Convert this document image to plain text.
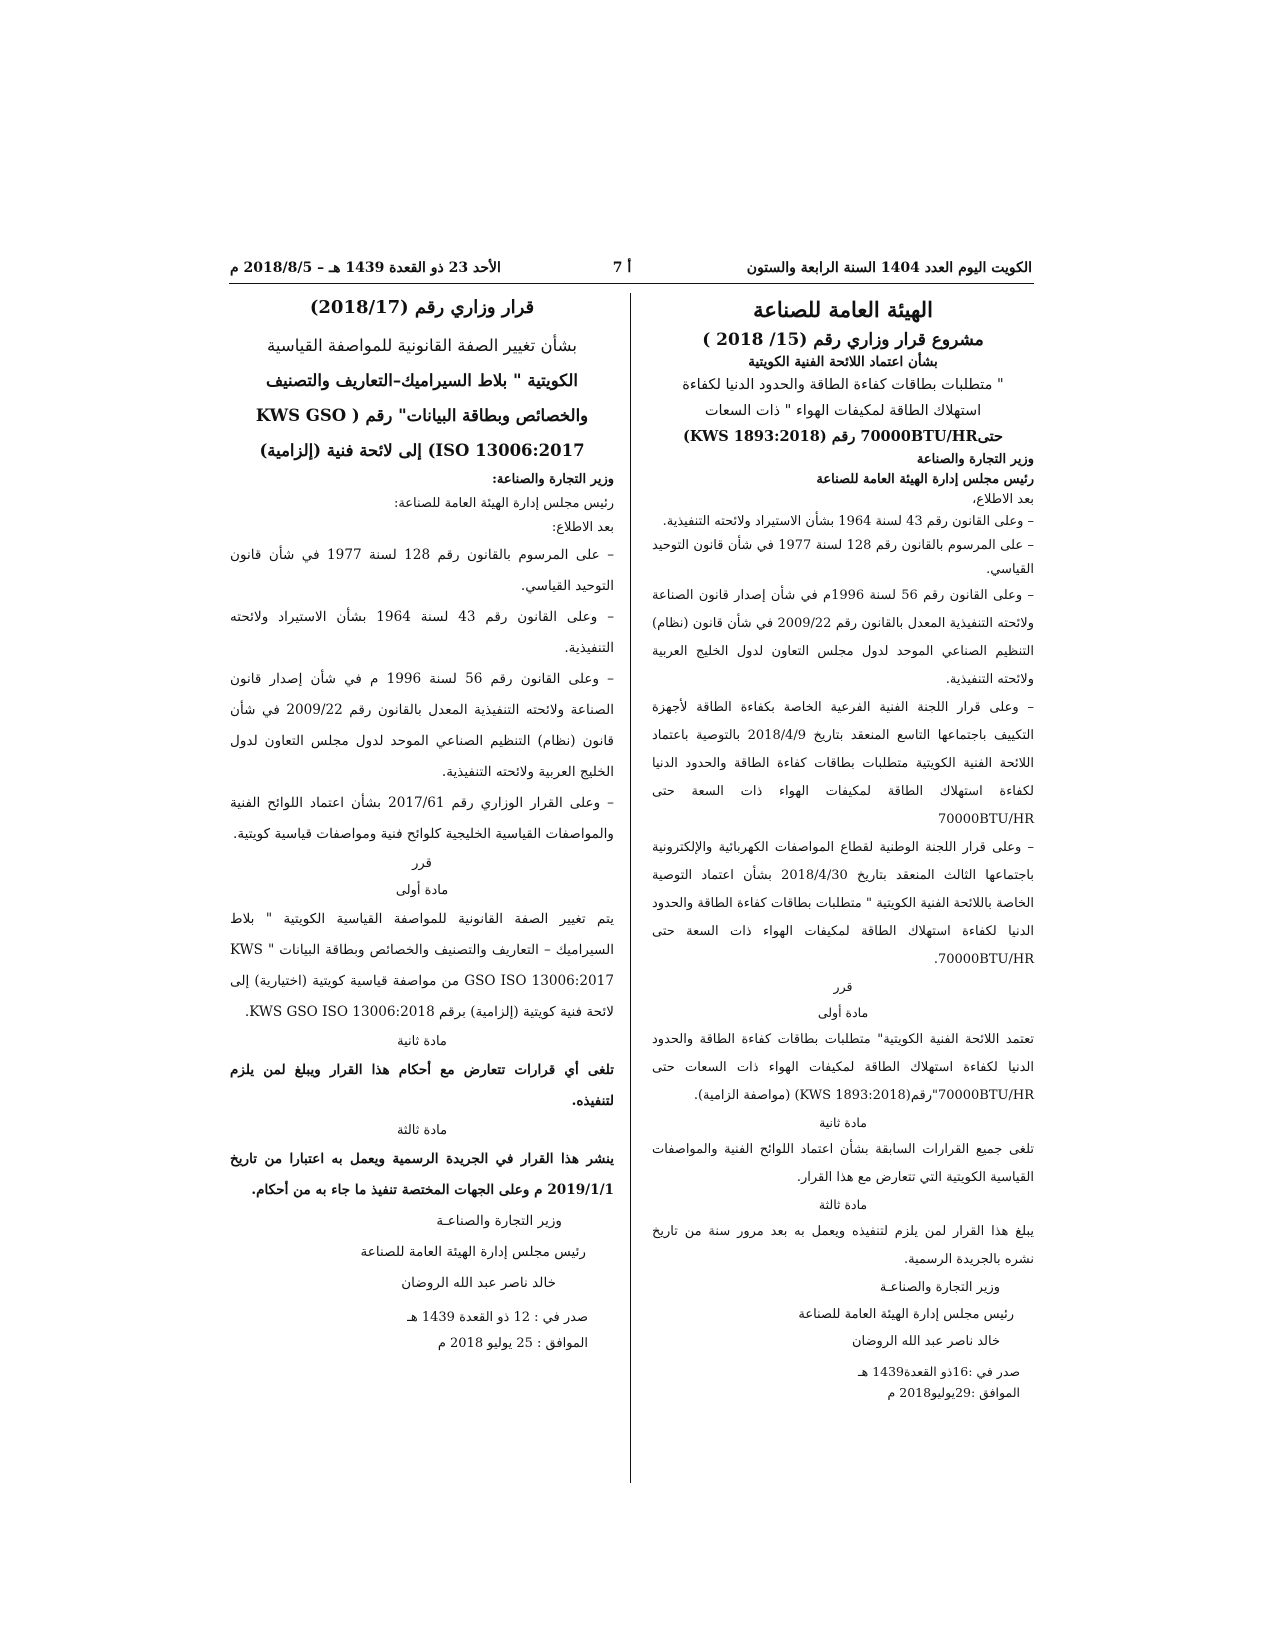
الكويت اليوم العدد 1404 السنة الرابعة والستون
7 أ
الأحد 23 ذو القعدة 1439 هـ – 2018/8/5 م

الهيئة العامة للصناعة

مشروع قرار وزاري رقم (15/ 2018 )

بشأن اعتماد اللائحة الفنية الكويتية

" متطلبات بطاقات كفاءة الطاقة والحدود الدنيا لكفاءة

استهلاك الطاقة لمكيفات الهواء " ذات السعات

حتى70000BTU/HR رقم (KWS 1893:2018)

وزير التجارة والصناعة

رئيس مجلس إدارة الهيئة العامة للصناعة

بعد الاطلاع،

– وعلى القانون رقم 43 لسنة 1964 بشأن الاستيراد ولائحته التنفيذية.

– على المرسوم بالقانون رقم 128 لسنة 1977 في شأن قانون التوحيد القياسي.

– وعلى القانون رقم 56 لسنة 1996م في شأن إصدار قانون الصناعة ولائحته التنفيذية المعدل بالقانون رقم 2009/22 في شأن قانون (نظام) التنظيم الصناعي الموحد لدول مجلس التعاون لدول الخليج العربية ولائحته التنفيذية.

– وعلى قرار اللجنة الفنية الفرعية الخاصة بكفاءة الطاقة لأجهزة التكييف باجتماعها التاسع المنعقد بتاريخ 2018/4/9 بالتوصية باعتماد اللائحة الفنية الكويتية متطلبات بطاقات كفاءة الطاقة والحدود الدنيا لكفاءة استهلاك الطاقة لمكيفات الهواء ذات السعة حتى 70000BTU/HR

– وعلى قرار اللجنة الوطنية لقطاع المواصفات الكهربائية والإلكترونية باجتماعها الثالث المنعقد بتاريخ 2018/4/30 بشأن اعتماد التوصية الخاصة باللائحة الفنية الكويتية " متطلبات بطاقات كفاءة الطاقة والحدود الدنيا لكفاءة استهلاك الطاقة لمكيفات الهواء ذات السعة حتى 70000BTU/HR.

قرر

مادة أولى

تعتمد اللائحة الفنية الكويتية" متطلبات بطاقات كفاءة الطاقة والحدود الدنيا لكفاءة استهلاك الطاقة لمكيفات الهواء ذات السعات حتى 70000BTU/HR"رقم(KWS 1893:2018) (مواصفة الزامية).

مادة ثانية

تلغى جميع القرارات السابقة بشأن اعتماد اللوائح الفنية والمواصفات القياسية الكويتية التي تتعارض مع هذا القرار.

مادة ثالثة

يبلغ هذا القرار لمن يلزم لتنفيذه ويعمل به بعد مرور سنة من تاريخ نشره بالجريدة الرسمية.

وزير التجارة والصناعـة

رئيس مجلس إدارة الهيئة العامة للصناعة

خالد ناصر عبد الله الروضان

صدر في :16ذو القعدة1439 هـ

الموافق :29يوليو2018 م

قرار وزاري رقم (2018/17)

بشأن تغيير الصفة القانونية للمواصفة القياسية

الكويتية " بلاط السيراميك–التعاريف والتصنيف

والخصائص وبطاقة البيانات" رقم ( KWS GSO

ISO 13006:2017) إلى لائحة فنية (إلزامية)

وزير التجارة والصناعة:

رئيس مجلس إدارة الهيئة العامة للصناعة:

بعد الاطلاع:

– على المرسوم بالقانون رقم 128 لسنة 1977 في شأن قانون التوحيد القياسي.

– وعلى القانون رقم 43 لسنة 1964 بشأن الاستيراد ولائحته التنفيذية.

– وعلى القانون رقم 56 لسنة 1996 م في شأن إصدار قانون الصناعة ولائحته التنفيذية المعدل بالقانون رقم 2009/22 في شأن قانون (نظام) التنظيم الصناعي الموحد لدول مجلس التعاون لدول الخليج العربية ولائحته التنفيذية.

– وعلى القرار الوزاري رقم 2017/61 بشأن اعتماد اللوائح الفنية والمواصفات القياسية الخليجية كلوائح فنية ومواصفات قياسية كويتية.

قرر

مادة أولى

يتم تغيير الصفة القانونية للمواصفة القياسية الكويتية " بلاط السيراميك – التعاريف والتصنيف والخصائص وبطاقة البيانات " KWS GSO ISO 13006:2017 من مواصفة قياسية كويتية (اختيارية) إلى لائحة فنية كويتية (إلزامية) برقم KWS GSO ISO 13006:2018.

مادة ثانية

تلغى أي قرارات تتعارض مع أحكام هذا القرار ويبلغ لمن يلزم لتنفيذه.

مادة ثالثة

ينشر هذا القرار في الجريدة الرسمية ويعمل به اعتبارا من تاريخ 2019/1/1 م وعلى الجهات المختصة تنفيذ ما جاء به من أحكام.

وزير التجارة والصناعـة

رئيس مجلس إدارة الهيئة العامة للصناعة

خالد ناصر عبد الله الروضان

صدر في : 12 ذو القعدة 1439 هـ

الموافق : 25 يوليو 2018 م
